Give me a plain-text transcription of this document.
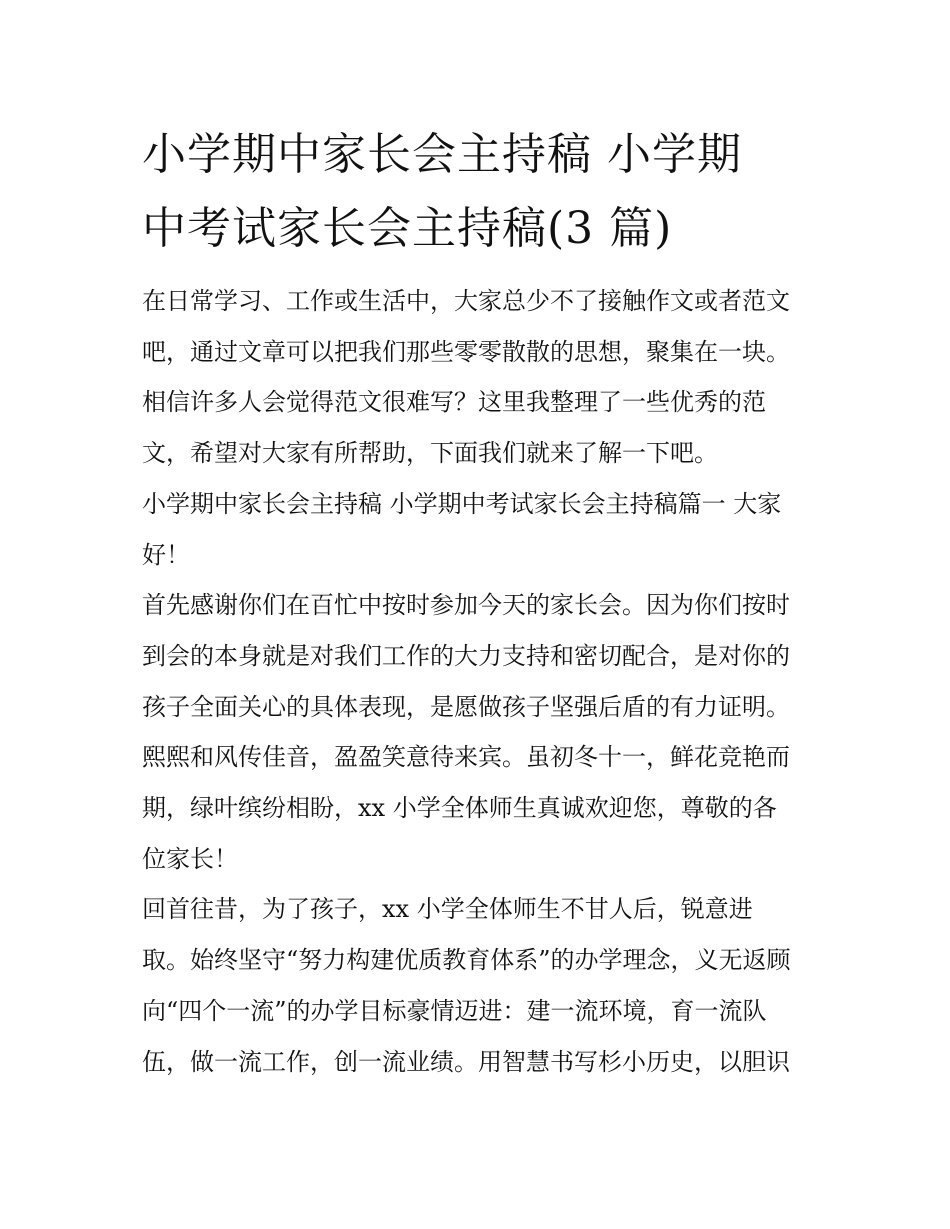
小学期中家长会主持稿 小学期
中考试家长会主持稿(3 篇)
在日常学习、工作或生活中，大家总少不了接触作文或者范文
吧，通过文章可以把我们那些零零散散的思想，聚集在一块。
相信许多人会觉得范文很难写？这里我整理了一些优秀的范
文，希望对大家有所帮助，下面我们就来了解一下吧。
小学期中家长会主持稿 小学期中考试家长会主持稿篇一 大家
好！
首先感谢你们在百忙中按时参加今天的家长会。因为你们按时
到会的本身就是对我们工作的大力支持和密切配合，是对你的
孩子全面关心的具体表现，是愿做孩子坚强后盾的有力证明。
熙熙和风传佳音，盈盈笑意待来宾。虽初冬十一，鲜花竞艳而
期，绿叶缤纷相盼，xx 小学全体师生真诚欢迎您，尊敬的各
位家长！
回首往昔，为了孩子，xx 小学全体师生不甘人后，锐意进
取。始终坚守“努力构建优质教育体系”的办学理念，义无返顾
向“四个一流”的办学目标豪情迈进：建一流环境，育一流队
伍，做一流工作，创一流业绩。用智慧书写杉小历史，以胆识
